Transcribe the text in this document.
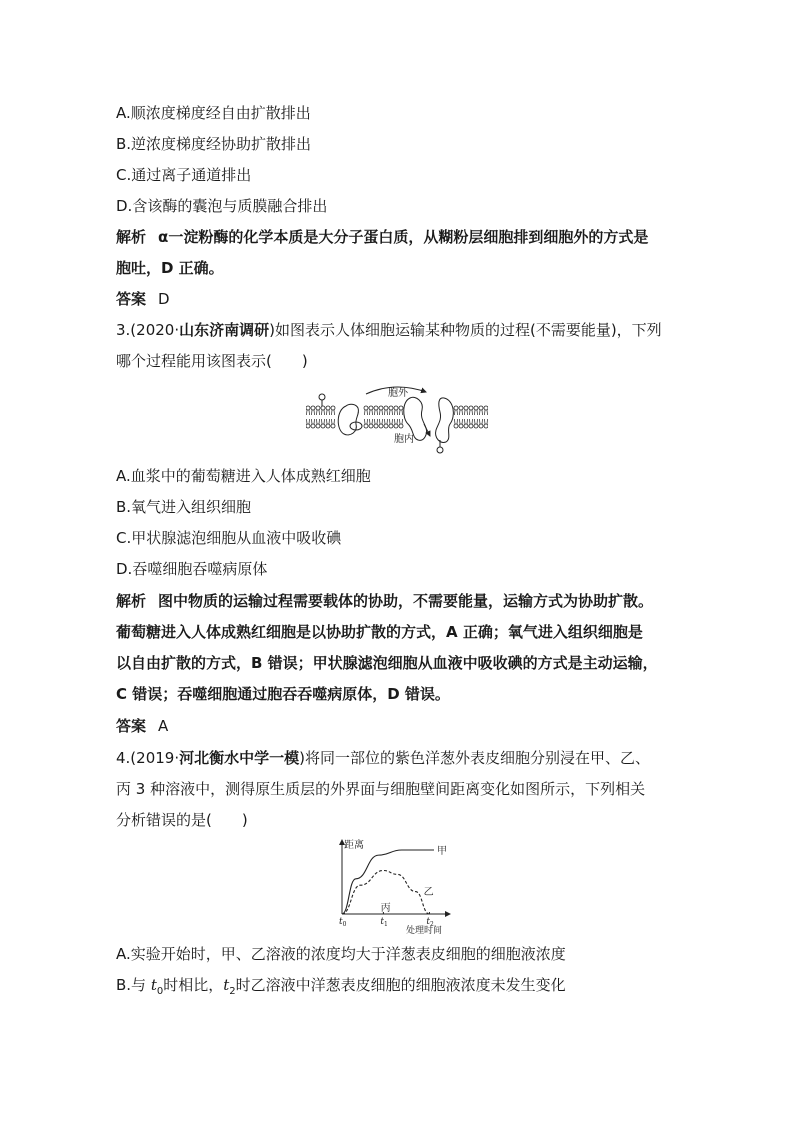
A.顺浓度梯度经自由扩散排出
B.逆浓度梯度经协助扩散排出
C.通过离子通道排出
D.含该酶的囊泡与质膜融合排出
解析 α一淀粉酶的化学本质是大分子蛋白质，从糊粉层细胞排到细胞外的方式是
胞吐，D 正确。
答案 D
3.(2020·山东济南调研)如图表示人体细胞运输某种物质的过程(不需要能量)，下列
哪个过程能用该图表示(　　)
胞外
胞内
A.血浆中的葡萄糖进入人体成熟红细胞
B.氧气进入组织细胞
C.甲状腺滤泡细胞从血液中吸收碘
D.吞噬细胞吞噬病原体
解析 图中物质的运输过程需要载体的协助，不需要能量，运输方式为协助扩散。
葡萄糖进入人体成熟红细胞是以协助扩散的方式，A 正确；氧气进入组织细胞是
以自由扩散的方式，B 错误；甲状腺滤泡细胞从血液中吸收碘的方式是主动运输，
C 错误；吞噬细胞通过胞吞吞噬病原体，D 错误。
答案 A
4.(2019·河北衡水中学一模)将同一部位的紫色洋葱外表皮细胞分别浸在甲、乙、
丙 3 种溶液中，测得原生质层的外界面与细胞壁间距离变化如图所示，下列相关
分析错误的是(　　)
距离
处理时间
$t_0$	$t_1$	$t_2$
甲
乙
丙
A.实验开始时，甲、乙溶液的浓度均大于洋葱表皮细胞的细胞液浓度
B.与 $t_0$时相比，$t_2$时乙溶液中洋葱表皮细胞的细胞液浓度未发生变化
